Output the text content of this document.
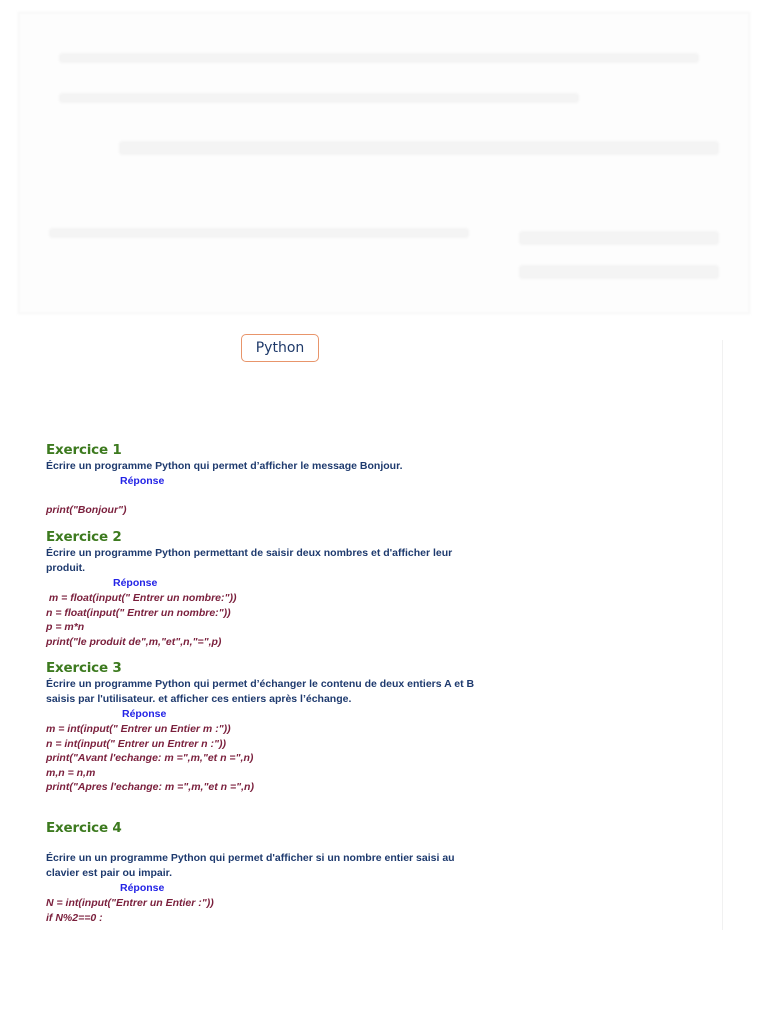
Python

Exercice 1

Écrire un programme Python qui permet d’afficher le message Bonjour.

Réponse

print("Bonjour")

Exercice 2

Écrire un programme Python permettant de saisir deux nombres et d'afficher leur

produit.

Réponse

m = float(input(" Entrer un nombre:"))

n = float(input(" Entrer un nombre:"))

p = m*n

print("le produit de",m,"et",n,"=",p)

Exercice 3

Écrire un programme Python qui permet d’échanger le contenu de deux entiers A et B

saisis par l'utilisateur. et afficher ces entiers après l’échange.

Réponse

m = int(input(" Entrer un Entier m :"))

n = int(input(" Entrer un Entrer n :"))

print("Avant l'echange: m =",m,"et n =",n)

m,n = n,m

print("Apres l'echange: m =",m,"et n =",n)

Exercice 4

Écrire un un programme Python qui permet d'afficher si un nombre entier saisi au

clavier est pair ou impair.

Réponse

N = int(input("Entrer un Entier :"))

if N%2==0 :
